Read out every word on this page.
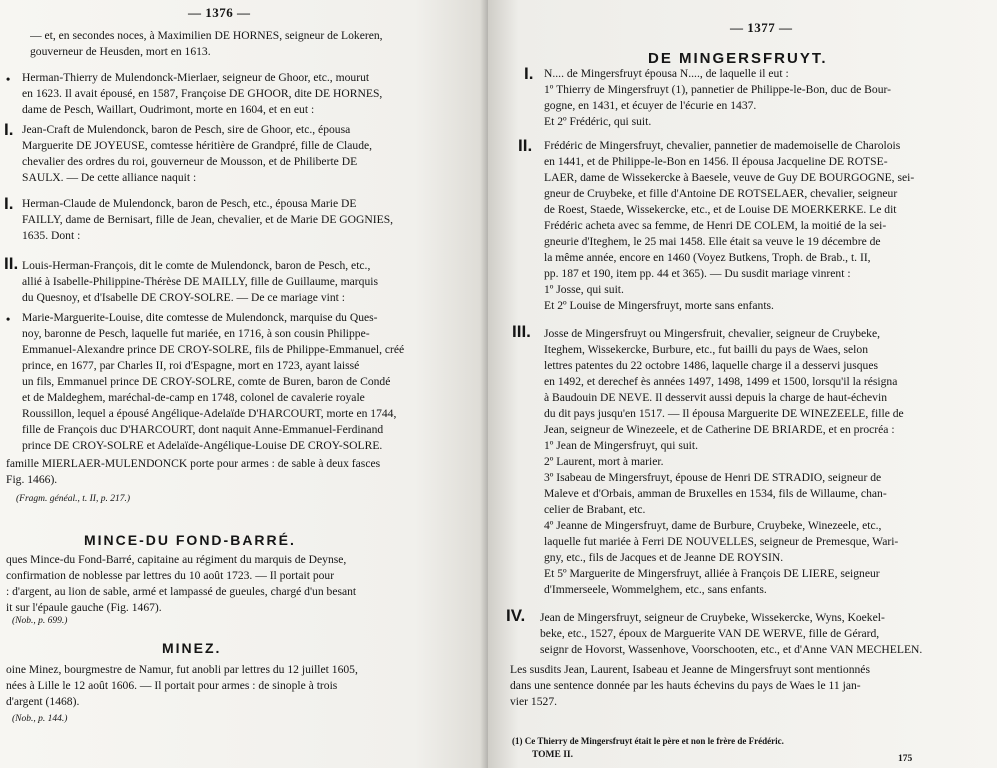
— 1376 —
— et, en secondes noces, à Maximilien DE HORNES, seigneur de Lokeren,
gouverneur de Heusden, mort en 1613.
• Herman-Thierry de Mulendonck-Mierlaer, seigneur de Ghoor, etc., mourut
en 1623. Il avait épousé, en 1587, Françoise DE GHOOR, dite DE HORNES,
dame de Pesch, Waillart, Oudrimont, morte en 1604, et en eut :
I. Jean-Craft de Mulendonck, baron de Pesch, sire de Ghoor, etc., épousa
Marguerite DE JOYEUSE, comtesse héritière de Grandpré, fille de Claude,
chevalier des ordres du roi, gouverneur de Mousson, et de Philiberte DE
SAULX. — De cette alliance naquit :
I. Herman-Claude de Mulendonck, baron de Pesch, etc., épousa Marie DE
FAILLY, dame de Bernisart, fille de Jean, chevalier, et de Marie DE GOGNIES,
1635. Dont :
II. Louis-Herman-François, dit le comte de Mulendonck, baron de Pesch, etc.,
allié à Isabelle-Philippine-Thérèse DE MAILLY, fille de Guillaume, marquis
du Quesnoy, et d'Isabelle DE CROY-SOLRE. — De ce mariage vint :
• Marie-Marguerite-Louise, dite comtesse de Mulendonck, marquise du Ques-
noy, baronne de Pesch, laquelle fut mariée, en 1716, à son cousin Philippe-
Emmanuel-Alexandre prince DE CROY-SOLRE, fils de Philippe-Emmanuel, créé
prince, en 1677, par Charles II, roi d'Espagne, mort en 1723, ayant laissé
un fils, Emmanuel prince DE CROY-SOLRE, comte de Buren, baron de Condé
et de Maldeghem, maréchal-de-camp en 1748, colonel de cavalerie royale
Roussillon, lequel a épousé Angélique-Adelaïde D'HARCOURT, morte en 1744,
fille de François duc D'HARCOURT, dont naquit Anne-Emmanuel-Ferdinand
prince DE CROY-SOLRE et Adelaïde-Angélique-Louise DE CROY-SOLRE.
famille MIERLAER-MULENDONCK porte pour armes : de sable à deux fasces
Fig. 1466).
(Fragm. généal., t. II, p. 217.)
MINCE-DU FOND-BARRÉ.
ques Mince-du Fond-Barré, capitaine au régiment du marquis de Deynse,
confirmation de noblesse par lettres du 10 août 1723. — Il portait pour
: d'argent, au lion de sable, armé et lampassé de gueules, chargé d'un besant
it sur l'épaule gauche (Fig. 1467).
(Nob., p. 699.)
MINEZ.
oine Minez, bourgmestre de Namur, fut anobli par lettres du 12 juillet 1605,
nées à Lille le 12 août 1606. — Il portait pour armes : de sinople à trois
d'argent (1468).
(Nob., p. 144.)
— 1377 —
DE MINGERSFRUYT.
I. N.... de Mingersfruyt épousa N...., de laquelle il eut :
1º Thierry de Mingersfruyt (1), pannetier de Philippe-le-Bon, duc de Bour-
gogne, en 1431, et écuyer de l'écurie en 1437.
Et 2º Frédéric, qui suit.
II. Frédéric de Mingersfruyt, chevalier, pannetier de mademoiselle de Charolois
en 1441, et de Philippe-le-Bon en 1456. Il épousa Jacqueline DE ROTSE-
LAER, dame de Wissekercke à Baesele, veuve de Guy DE BOURGOGNE, sei-
gneur de Cruybeke, et fille d'Antoine DE ROTSELAER, chevalier, seigneur
de Roest, Staede, Wissekercke, etc., et de Louise DE MOERKERKE. Le dit
Frédéric acheta avec sa femme, de Henri DE COLEM, la moitié de la sei-
gneurie d'Iteghem, le 25 mai 1458. Elle était sa veuve le 19 décembre de
la même année, encore en 1460 (Voyez Butkens, Troph. de Brab., t. II,
pp. 187 et 190, item pp. 44 et 365). — Du susdit mariage vinrent :
1º Josse, qui suit.
Et 2º Louise de Mingersfruyt, morte sans enfants.
III. Josse de Mingersfruyt ou Mingersfruit, chevalier, seigneur de Cruybeke,
Iteghem, Wissekercke, Burbure, etc., fut bailli du pays de Waes, selon
lettres patentes du 22 octobre 1486, laquelle charge il a desservi jusques
en 1492, et derechef ès années 1497, 1498, 1499 et 1500, lorsqu'il la résigna
à Baudouin DE NEVE. Il desservit aussi depuis la charge de haut-échevin
du dit pays jusqu'en 1517. — Il épousa Marguerite DE WINEZEELE, fille de
Jean, seigneur de Winezeele, et de Catherine DE BRIARDE, et en procréa :
1º Jean de Mingersfruyt, qui suit.
2º Laurent, mort à marier.
3º Isabeau de Mingersfruyt, épouse de Henri DE STRADIO, seigneur de
Maleve et d'Orbais, amman de Bruxelles en 1534, fils de Willaume, chan-
celier de Brabant, etc.
4º Jeanne de Mingersfruyt, dame de Burbure, Cruybeke, Winezeele, etc.,
laquelle fut mariée à Ferri DE NOUVELLES, seigneur de Premesque, Wari-
gny, etc., fils de Jacques et de Jeanne DE ROYSIN.
Et 5º Marguerite de Mingersfruyt, alliée à François DE LIERE, seigneur
d'Immerseele, Wommelghem, etc., sans enfants.
IV. Jean de Mingersfruyt, seigneur de Cruybeke, Wissekercke, Wyns, Koekel-
beke, etc., 1527, époux de Marguerite VAN DE WERVE, fille de Gérard,
seignr de Hovorst, Wassenhove, Voorschooten, etc., et d'Anne VAN MECHELEN.
Les susdits Jean, Laurent, Isabeau et Jeanne de Mingersfruyt sont mentionnés
dans une sentence donnée par les hauts échevins du pays de Waes le 11 jan-
vier 1527.
(1) Ce Thierry de Mingersfruyt était le père et non le frère de Frédéric.
TOME II.	175
